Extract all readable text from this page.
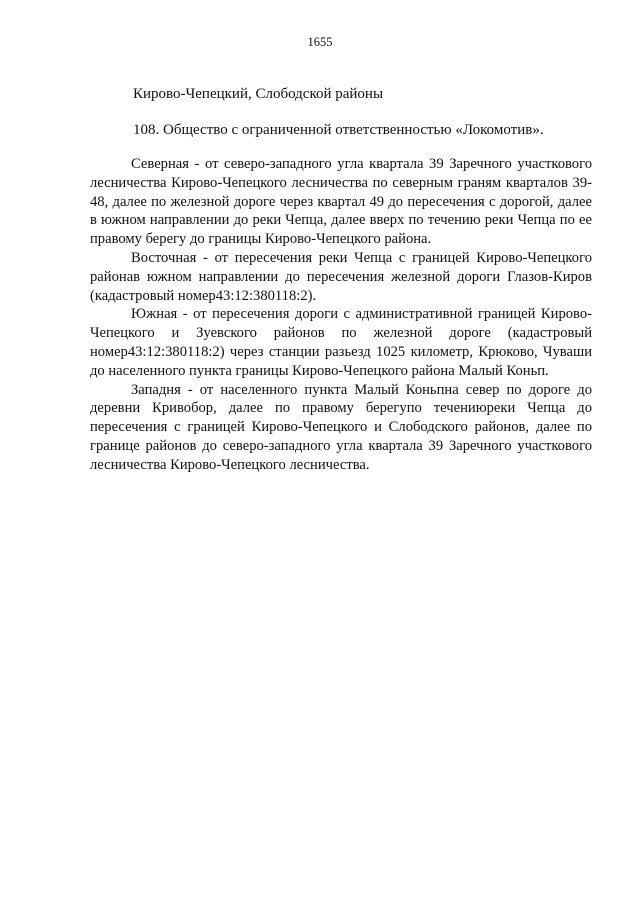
1655
Кирово-Чепецкий, Слободской районы
108. Общество с ограниченной ответственностью «Локомотив».

Северная - от северо-западного угла квартала 39 Заречного участкового лесничества Кирово-Чепецкого лесничества по северным граням кварталов 39-48, далее по железной дороге через квартал 49 до пересечения с дорогой, далее в южном направлении до реки Чепца, далее вверх по течению реки Чепца по ее правому берегу до границы Кирово-Чепецкого района.

Восточная - от пересечения реки Чепца с границей Кирово-Чепецкого районав южном направлении до пересечения железной дороги Глазов-Киров (кадастровый номер43:12:380118:2).

Южная - от пересечения дороги с административной границей Кирово-Чепецкого и Зуевского районов по железной дороге (кадастровый номер43:12:380118:2) через станции разьезд 1025 километр, Крюково, Чуваши до населенного пункта границы Кирово-Чепецкого района Малый Коньп.

Западня - от населенного пункта Малый Коньпна север по дороге до деревни Кривобор, далее по правому берегупо течениюреки Чепца до пересечения с границей Кирово-Чепецкого и Слободского районов, далее по границе районов до северо-западного угла квартала 39 Заречного участкового лесничества Кирово-Чепецкого лесничества.
